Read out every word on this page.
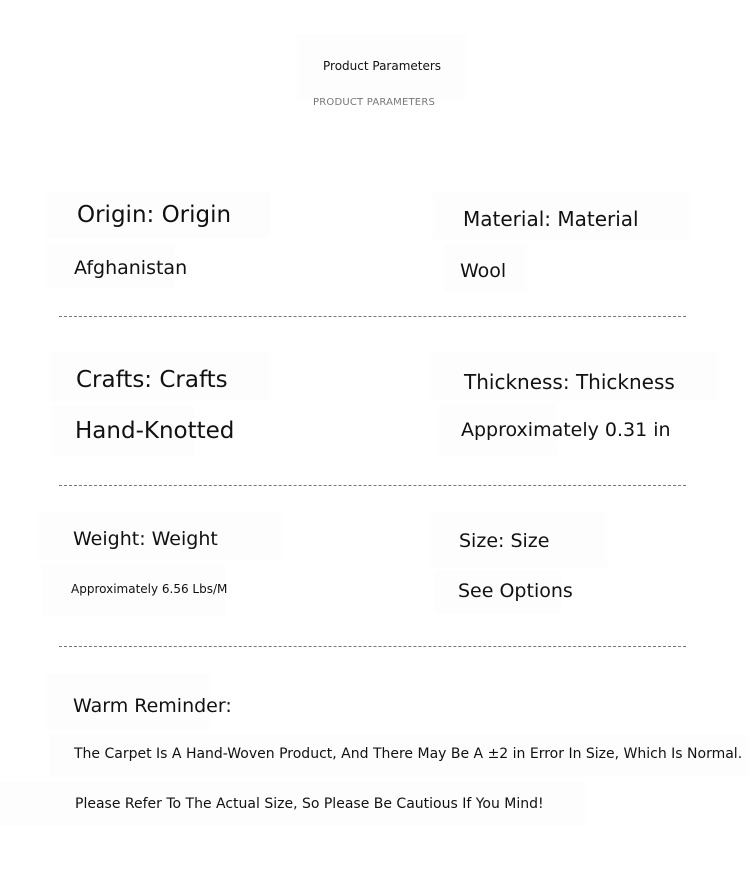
Product Parameters
PRODUCT PARAMETERS
Origin: Origin
Afghanistan
Material: Material
Wool
Crafts: Crafts
Hand-Knotted
Thickness: Thickness
Approximately 0.31 in
Weight: Weight
Approximately 6.56 Lbs/M
Size: Size
See Options
Warm Reminder:
The Carpet Is A Hand-Woven Product, And There May Be A ±2 in Error In Size, Which Is Normal.
Please Refer To The Actual Size, So Please Be Cautious If You Mind!
